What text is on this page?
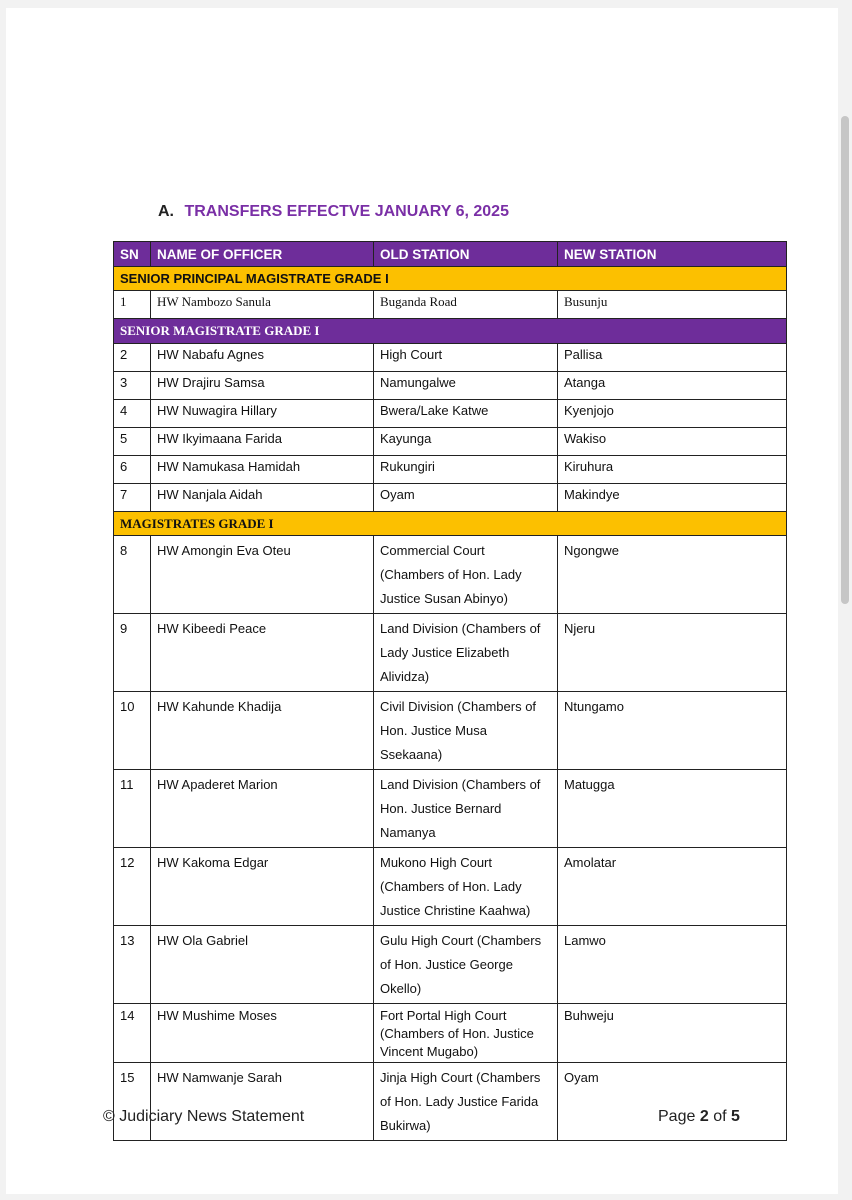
A. TRANSFERS EFFECTVE JANUARY 6, 2025
SN	NAME OF OFFICER	OLD STATION	NEW STATION
SENIOR PRINCIPAL MAGISTRATE GRADE I			
1	HW Nambozo Sanula	Buganda Road	Busunju
SENIOR MAGISTRATE GRADE I			
2	HW Nabafu Agnes	High Court	Pallisa
3	HW Drajiru Samsa	Namungalwe	Atanga
4	HW Nuwagira Hillary	Bwera/Lake Katwe	Kyenjojo
5	HW Ikyimaana Farida	Kayunga	Wakiso
6	HW Namukasa Hamidah	Rukungiri	Kiruhura
7	HW Nanjala Aidah	Oyam	Makindye
MAGISTRATES GRADE I			
8	HW Amongin Eva Oteu	Commercial Court (Chambers of Hon. Lady Justice Susan Abinyo)	Ngongwe
9	HW Kibeedi Peace	Land Division (Chambers of Lady Justice Elizabeth Alividza)	Njeru
10	HW Kahunde Khadija	Civil Division (Chambers of Hon. Justice Musa Ssekaana)	Ntungamo
11	HW Apaderet Marion	Land Division (Chambers of Hon. Justice Bernard Namanya	Matugga
12	HW Kakoma Edgar	Mukono High Court (Chambers of Hon. Lady Justice Christine Kaahwa)	Amolatar
13	HW Ola Gabriel	Gulu High Court (Chambers of Hon. Justice George Okello)	Lamwo
14	HW Mushime Moses	Fort Portal High Court (Chambers of Hon. Justice Vincent Mugabo)	Buhweju
15	HW Namwanje Sarah	Jinja High Court (Chambers of Hon. Lady Justice Farida Bukirwa)	Oyam
© Judiciary News Statement	Page 2 of 5
